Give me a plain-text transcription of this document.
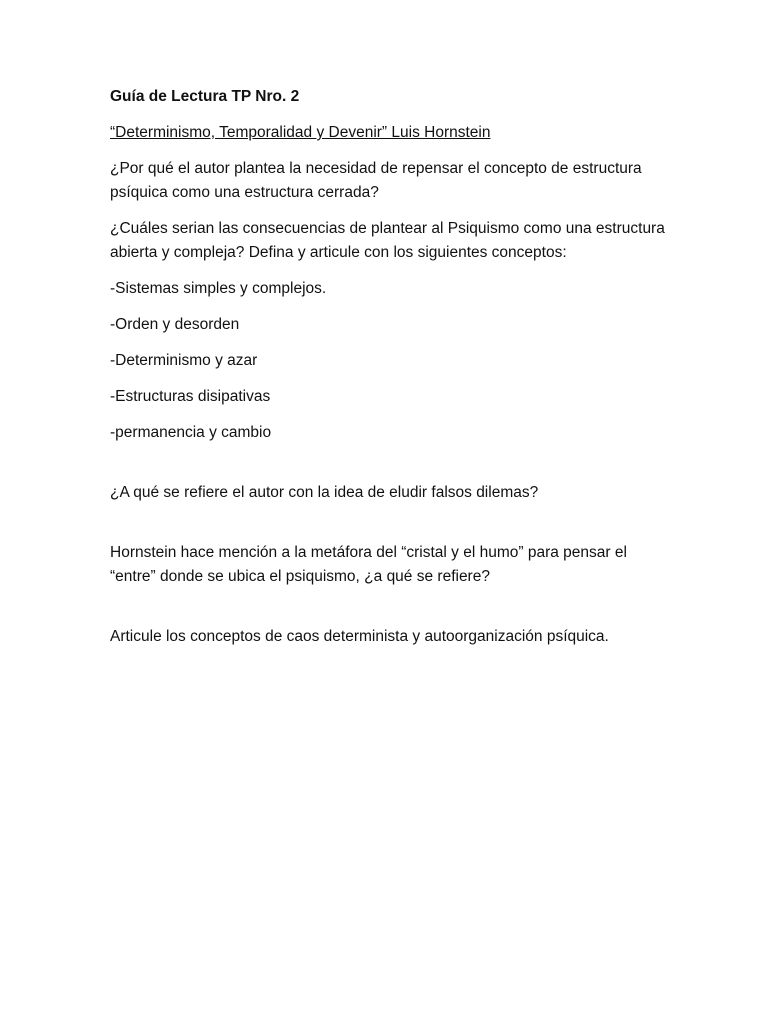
Guía de Lectura TP Nro. 2

“Determinismo, Temporalidad y Devenir” Luis Hornstein

¿Por qué el autor plantea la necesidad de repensar el concepto de estructura psíquica como una estructura cerrada?

¿Cuáles serian las consecuencias de plantear al Psiquismo como una estructura abierta y compleja? Defina y articule con los siguientes conceptos:

-Sistemas simples y complejos.

-Orden y desorden

-Determinismo y azar

-Estructuras disipativas

-permanencia y cambio

¿A qué se refiere el autor con la idea de eludir falsos dilemas?

Hornstein hace mención a la metáfora del “cristal y el humo” para pensar el “entre” donde se ubica el psiquismo, ¿a qué se refiere?

Articule los conceptos de caos determinista y autoorganización psíquica.
